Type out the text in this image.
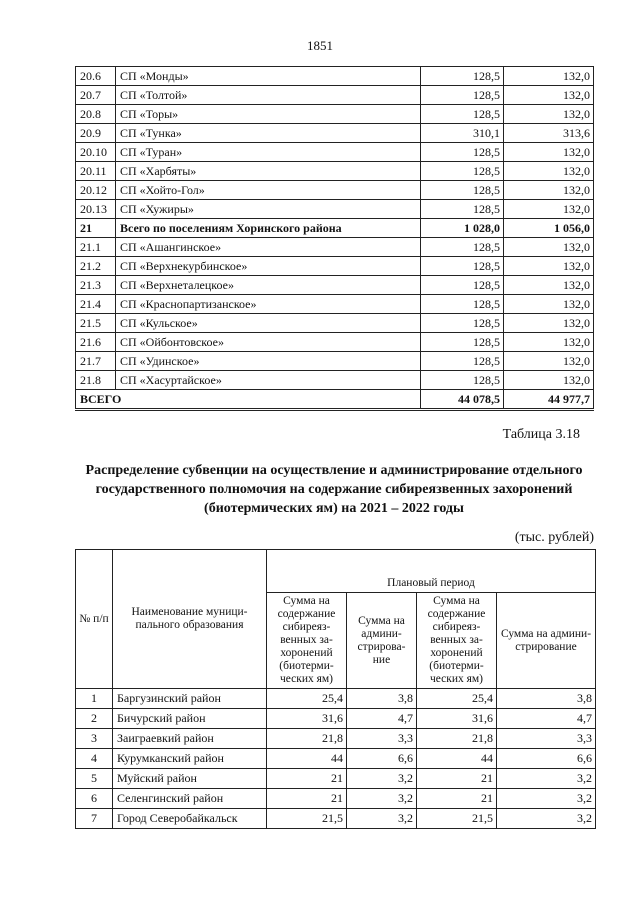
1851
20.6	СП «Монды»	128,5	132,0
20.7	СП «Толтой»	128,5	132,0
20.8	СП «Торы»	128,5	132,0
20.9	СП «Тунка»	310,1	313,6
20.10	СП «Туран»	128,5	132,0
20.11	СП «Харбяты»	128,5	132,0
20.12	СП «Хойто-Гол»	128,5	132,0
20.13	СП «Хужиры»	128,5	132,0
21	Всего по поселениям Хоринского района	1 028,0	1 056,0
21.1	СП «Ашангинское»	128,5	132,0
21.2	СП «Верхнекурбинское»	128,5	132,0
21.3	СП «Верхнеталецкое»	128,5	132,0
21.4	СП «Краснопартизанское»	128,5	132,0
21.5	СП «Кульское»	128,5	132,0
21.6	СП «Ойбонтовское»	128,5	132,0
21.7	СП «Удинское»	128,5	132,0
21.8	СП «Хасуртайское»	128,5	132,0
ВСЕГО		44 078,5	44 977,7
Таблица 3.18
Распределение субвенции на осуществление и администрирование отдельного государственного полномочия на содержание сибиреязвенных захоронений (биотермических ям) на 2021 – 2022 годы
(тыс. рублей)
№ п/п	Наименование муници-пального образования				
		Плановый период			
		Сумма на содержание сибиреяз-венных за-хоронений (биотерми-ческих ям)	Сумма на админи-стрирова-ние	Сумма на содержание сибиреяз-венных за-хоронений (биотерми-ческих ям)	Сумма на админи-стрирование
1	Баргузинский район	25,4	3,8	25,4	3,8
2	Бичурский район	31,6	4,7	31,6	4,7
3	Заиграевкий район	21,8	3,3	21,8	3,3
4	Курумканский район	44	6,6	44	6,6
5	Муйский район	21	3,2	21	3,2
6	Селенгинский район	21	3,2	21	3,2
7	Город Северобайкальск	21,5	3,2	21,5	3,2
